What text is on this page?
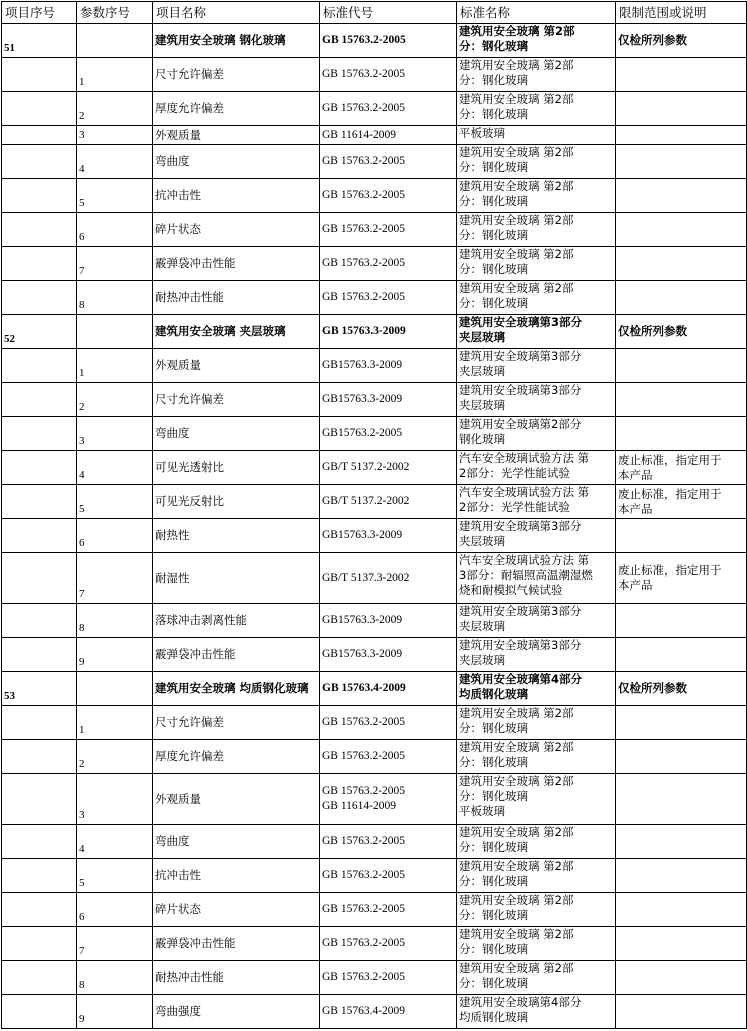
项目序号	参数序号	项目名称	标准代号	标准名称	限制范围或说明
51		建筑用安全玻璃 钢化玻璃	GB 15763.2-2005	建筑用安全玻璃 第2部
分：钢化玻璃	仅检所列参数

	1	尺寸允许偏差	GB 15763.2-2005	建筑用安全玻璃 第2部
分：钢化玻璃	

	2	厚度允许偏差	GB 15763.2-2005	建筑用安全玻璃 第2部
分：钢化玻璃	

	3	外观质量	GB 11614-2009	平板玻璃	

	4	弯曲度	GB 15763.2-2005	建筑用安全玻璃 第2部
分：钢化玻璃	

	5	抗冲击性	GB 15763.2-2005	建筑用安全玻璃 第2部
分：钢化玻璃	

	6	碎片状态	GB 15763.2-2005	建筑用安全玻璃 第2部
分：钢化玻璃	

	7	霰弹袋冲击性能	GB 15763.2-2005	建筑用安全玻璃 第2部
分：钢化玻璃	

	8	耐热冲击性能	GB 15763.2-2005	建筑用安全玻璃 第2部
分：钢化玻璃	

52		建筑用安全玻璃 夹层玻璃	GB 15763.3-2009	建筑用安全玻璃第3部分
夹层玻璃	仅检所列参数

	1	外观质量	GB15763.3-2009	建筑用安全玻璃第3部分
夹层玻璃	

	2	尺寸允许偏差	GB15763.3-2009	建筑用安全玻璃第3部分
夹层玻璃	

	3	弯曲度	GB15763.2-2005	建筑用安全玻璃第2部分
钢化玻璃	

	4	可见光透射比	GB/T 5137.2-2002	汽车安全玻璃试验方法 第
2部分：光学性能试验	废止标准，指定用于
本产品

	5	可见光反射比	GB/T 5137.2-2002	汽车安全玻璃试验方法 第
2部分：光学性能试验	废止标准，指定用于
本产品

	6	耐热性	GB15763.3-2009	建筑用安全玻璃第3部分
夹层玻璃	

	7	耐湿性	GB/T 5137.3-2002	汽车安全玻璃试验方法 第
3部分：耐辐照高温潮湿燃
烧和耐模拟气候试验	废止标准，指定用于
本产品

	8	落球冲击剥离性能	GB15763.3-2009	建筑用安全玻璃第3部分
夹层玻璃	

	9	霰弹袋冲击性能	GB15763.3-2009	建筑用安全玻璃第3部分
夹层玻璃	

53		建筑用安全玻璃 均质钢化玻璃	GB 15763.4-2009	建筑用安全玻璃第4部分
均质钢化玻璃	仅检所列参数

	1	尺寸允许偏差	GB 15763.2-2005	建筑用安全玻璃 第2部
分：钢化玻璃	

	2	厚度允许偏差	GB 15763.2-2005	建筑用安全玻璃 第2部
分：钢化玻璃	

	3	外观质量	GB 15763.2-2005
GB 11614-2009	建筑用安全玻璃 第2部
分：钢化玻璃
平板玻璃	

	4	弯曲度	GB 15763.2-2005	建筑用安全玻璃 第2部
分：钢化玻璃	

	5	抗冲击性	GB 15763.2-2005	建筑用安全玻璃 第2部
分：钢化玻璃	

	6	碎片状态	GB 15763.2-2005	建筑用安全玻璃 第2部
分：钢化玻璃	

	7	霰弹袋冲击性能	GB 15763.2-2005	建筑用安全玻璃 第2部
分：钢化玻璃	

	8	耐热冲击性能	GB 15763.2-2005	建筑用安全玻璃 第2部
分：钢化玻璃	

	9	弯曲强度	GB 15763.4-2009	建筑用安全玻璃第4部分
均质钢化玻璃	
